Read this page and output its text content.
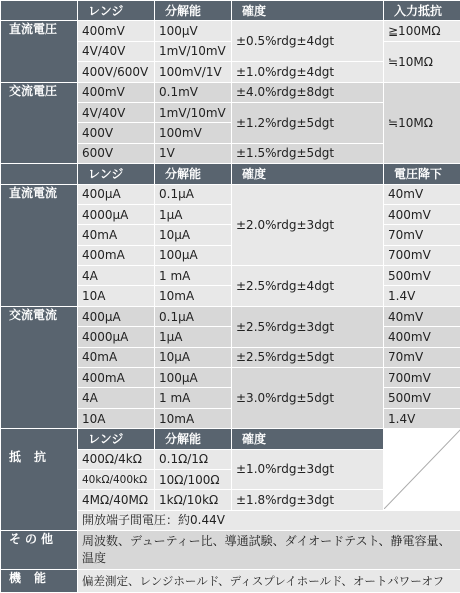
	レンジ	分解能	確度	入力抵抗
直流電圧	400mV	100μV	±0.5%rdg±4dgt	≧100MΩ
	4V/40V	1mV/10mV		≒10MΩ
	400V/600V	100mV/1V	±1.0%rdg±4dgt	
交流電圧	400mV	0.1mV	±4.0%rdg±8dgt	≒10MΩ
	4V/40V	1mV/10mV	±1.2%rdg±5dgt	
	400V	100mV		
	600V	1V	±1.5%rdg±5dgt	
	レンジ	分解能	確度	電圧降下
直流電流	400μA	0.1μA	±2.0%rdg±3dgt	40mV
	4000μA	1μA		400mV
	40mA	10μA		70mV
	400mA	100μA		700mV
	4A	1 mA	±2.5%rdg±4dgt	500mV
	10A	10mA		1.4V
交流電流	400μA	0.1μA	±2.5%rdg±3dgt	40mV
	4000μA	1μA		400mV
	40mA	10μA	±2.5%rdg±5dgt	70mV
	400mA	100μA	±3.0%rdg±5dgt	700mV
	4A	1 mA		500mV
	10A	10mA		1.4V
抵抗	レンジ	分解能	確度	

	400Ω/4kΩ	0.1Ω/1Ω	±1.0%rdg±3dgt	
	40kΩ/400kΩ	10Ω/100Ω		
	4MΩ/40MΩ	1kΩ/10kΩ	±1.8%rdg±3dgt	
	開放端子間電圧：約0.44V			
その他	周波数、デューティー比、導通試験、ダイオードテスト、静電容量、温度			
機能	偏差測定、レンジホールド、ディスプレイホールド、オートパワーオフ			
